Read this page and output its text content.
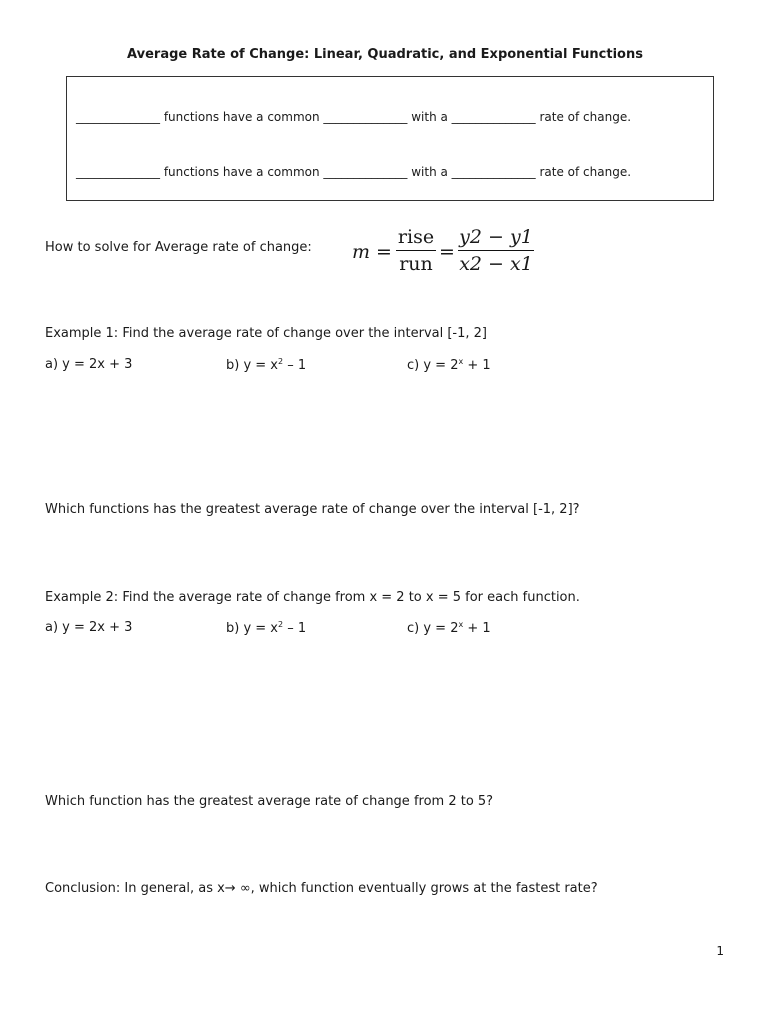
Average Rate of Change: Linear, Quadratic, and Exponential Functions
______________ functions have a common ______________ with a ______________ rate of change.
______________ functions have a common ______________ with a ______________ rate of change.
How to solve for Average rate of change: m =
rise
run
=
y2 − y1
x2 − x1
Example 1: Find the average rate of change over the interval [-1, 2]
a) y = 2x + 3	b) $y = x^2 - 1$	c) $y = 2^x + 1$
Which functions has the greatest average rate of change over the interval [-1, 2]?
Example 2: Find the average rate of change from x = 2 to x = 5 for each function.
a) y = 2x + 3	b) $y = x^2 - 1$	c) $y = 2^x + 1$
Which function has the greatest average rate of change from 2 to 5?
Conclusion: In general, as x→ ∞, which function eventually grows at the fastest rate?
1
